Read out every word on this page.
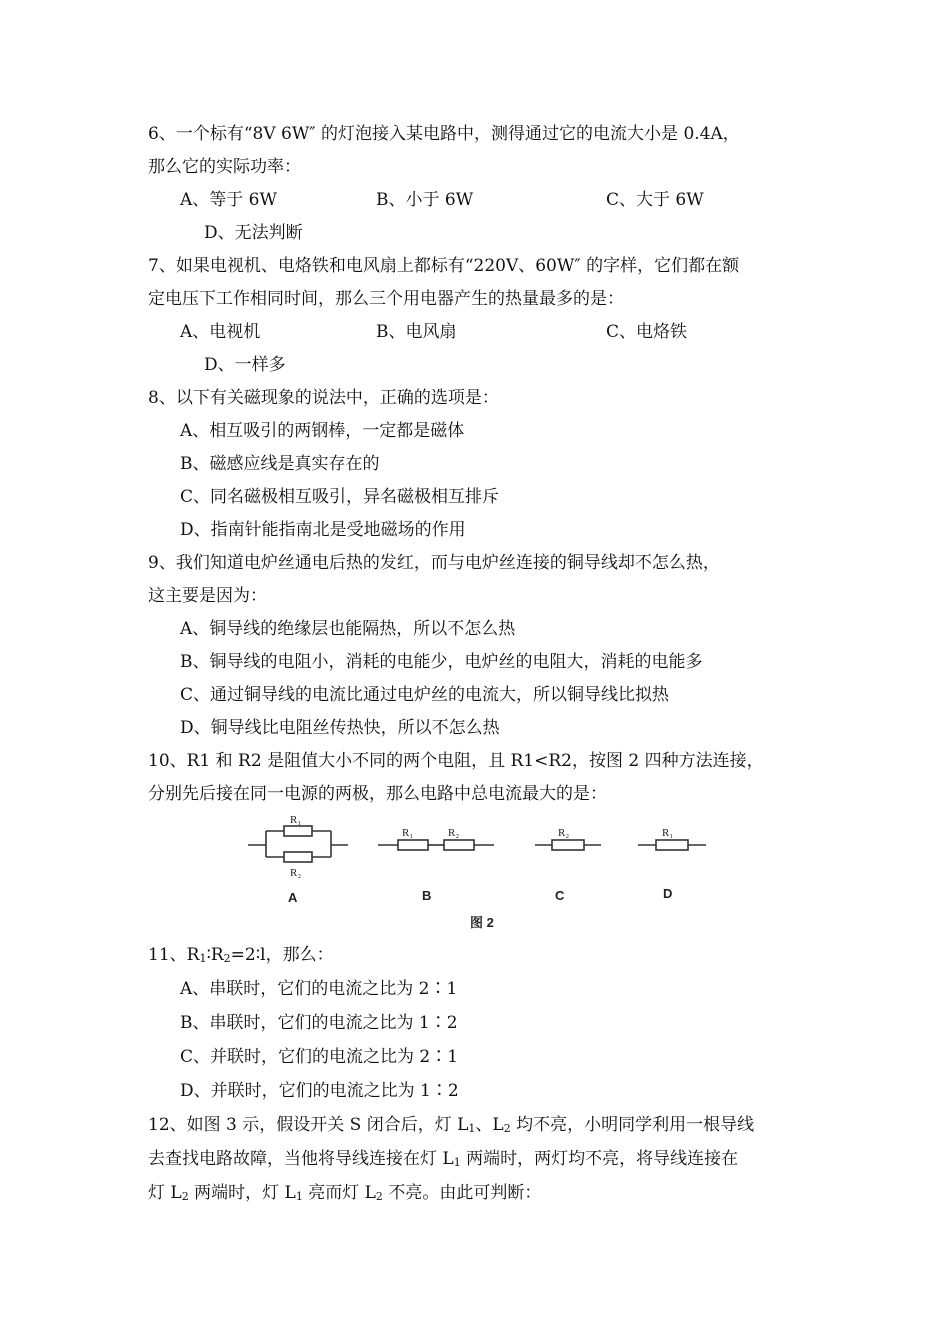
6、一个标有“8V 6W″ 的灯泡接入某电路中，测得通过它的电流大小是 0.4A，
那么它的实际功率：
A、等于 6W	B、小于 6W	C、大于 6W
D、无法判断
7、如果电视机、电烙铁和电风扇上都标有“220V、60W″ 的字样，它们都在额
定电压下工作相同时间，那么三个用电器产生的热量最多的是：
A、电视机	B、电风扇	C、电烙铁
D、一样多
8、以下有关磁现象的说法中，正确的选项是：
A、相互吸引的两钢棒，一定都是磁体
B、磁感应线是真实存在的
C、同名磁极相互吸引，异名磁极相互排斥
D、指南针能指南北是受地磁场的作用
9、我们知道电炉丝通电后热的发红，而与电炉丝连接的铜导线却不怎么热，
这主要是因为：
A、铜导线的绝缘层也能隔热，所以不怎么热
B、铜导线的电阻小，消耗的电能少，电炉丝的电阻大，消耗的电能多
C、通过铜导线的电流比通过电炉丝的电流大，所以铜导线比拟热
D、铜导线比电阻丝传热快，所以不怎么热
10、R1 和 R2 是阻值大小不同的两个电阻，且 R1<R2，按图 2 四种方法连接，
分别先后接在同一电源的两极，那么电路中总电流最大的是：
R₁
R₂
R₁	R₂	R₂	R₁
A	B	C	D
图 2
11、$R_1∶R_2=2∶l$，那么：
A、串联时，它们的电流之比为 2∶1
B、串联时，它们的电流之比为 1∶2
C、并联时，它们的电流之比为 2∶1
D、并联时，它们的电流之比为 1∶2
12、如图 3 示，假设开关 S 闭合后，灯 $L_1$、$L_2$ 均不亮，小明同学利用一根导线
去查找电路故障，当他将导线连接在灯 $L_1$ 两端时，两灯均不亮，将导线连接在
灯 $L_2$ 两端时，灯 $L_1$ 亮而灯 $L_2$ 不亮。由此可判断：
